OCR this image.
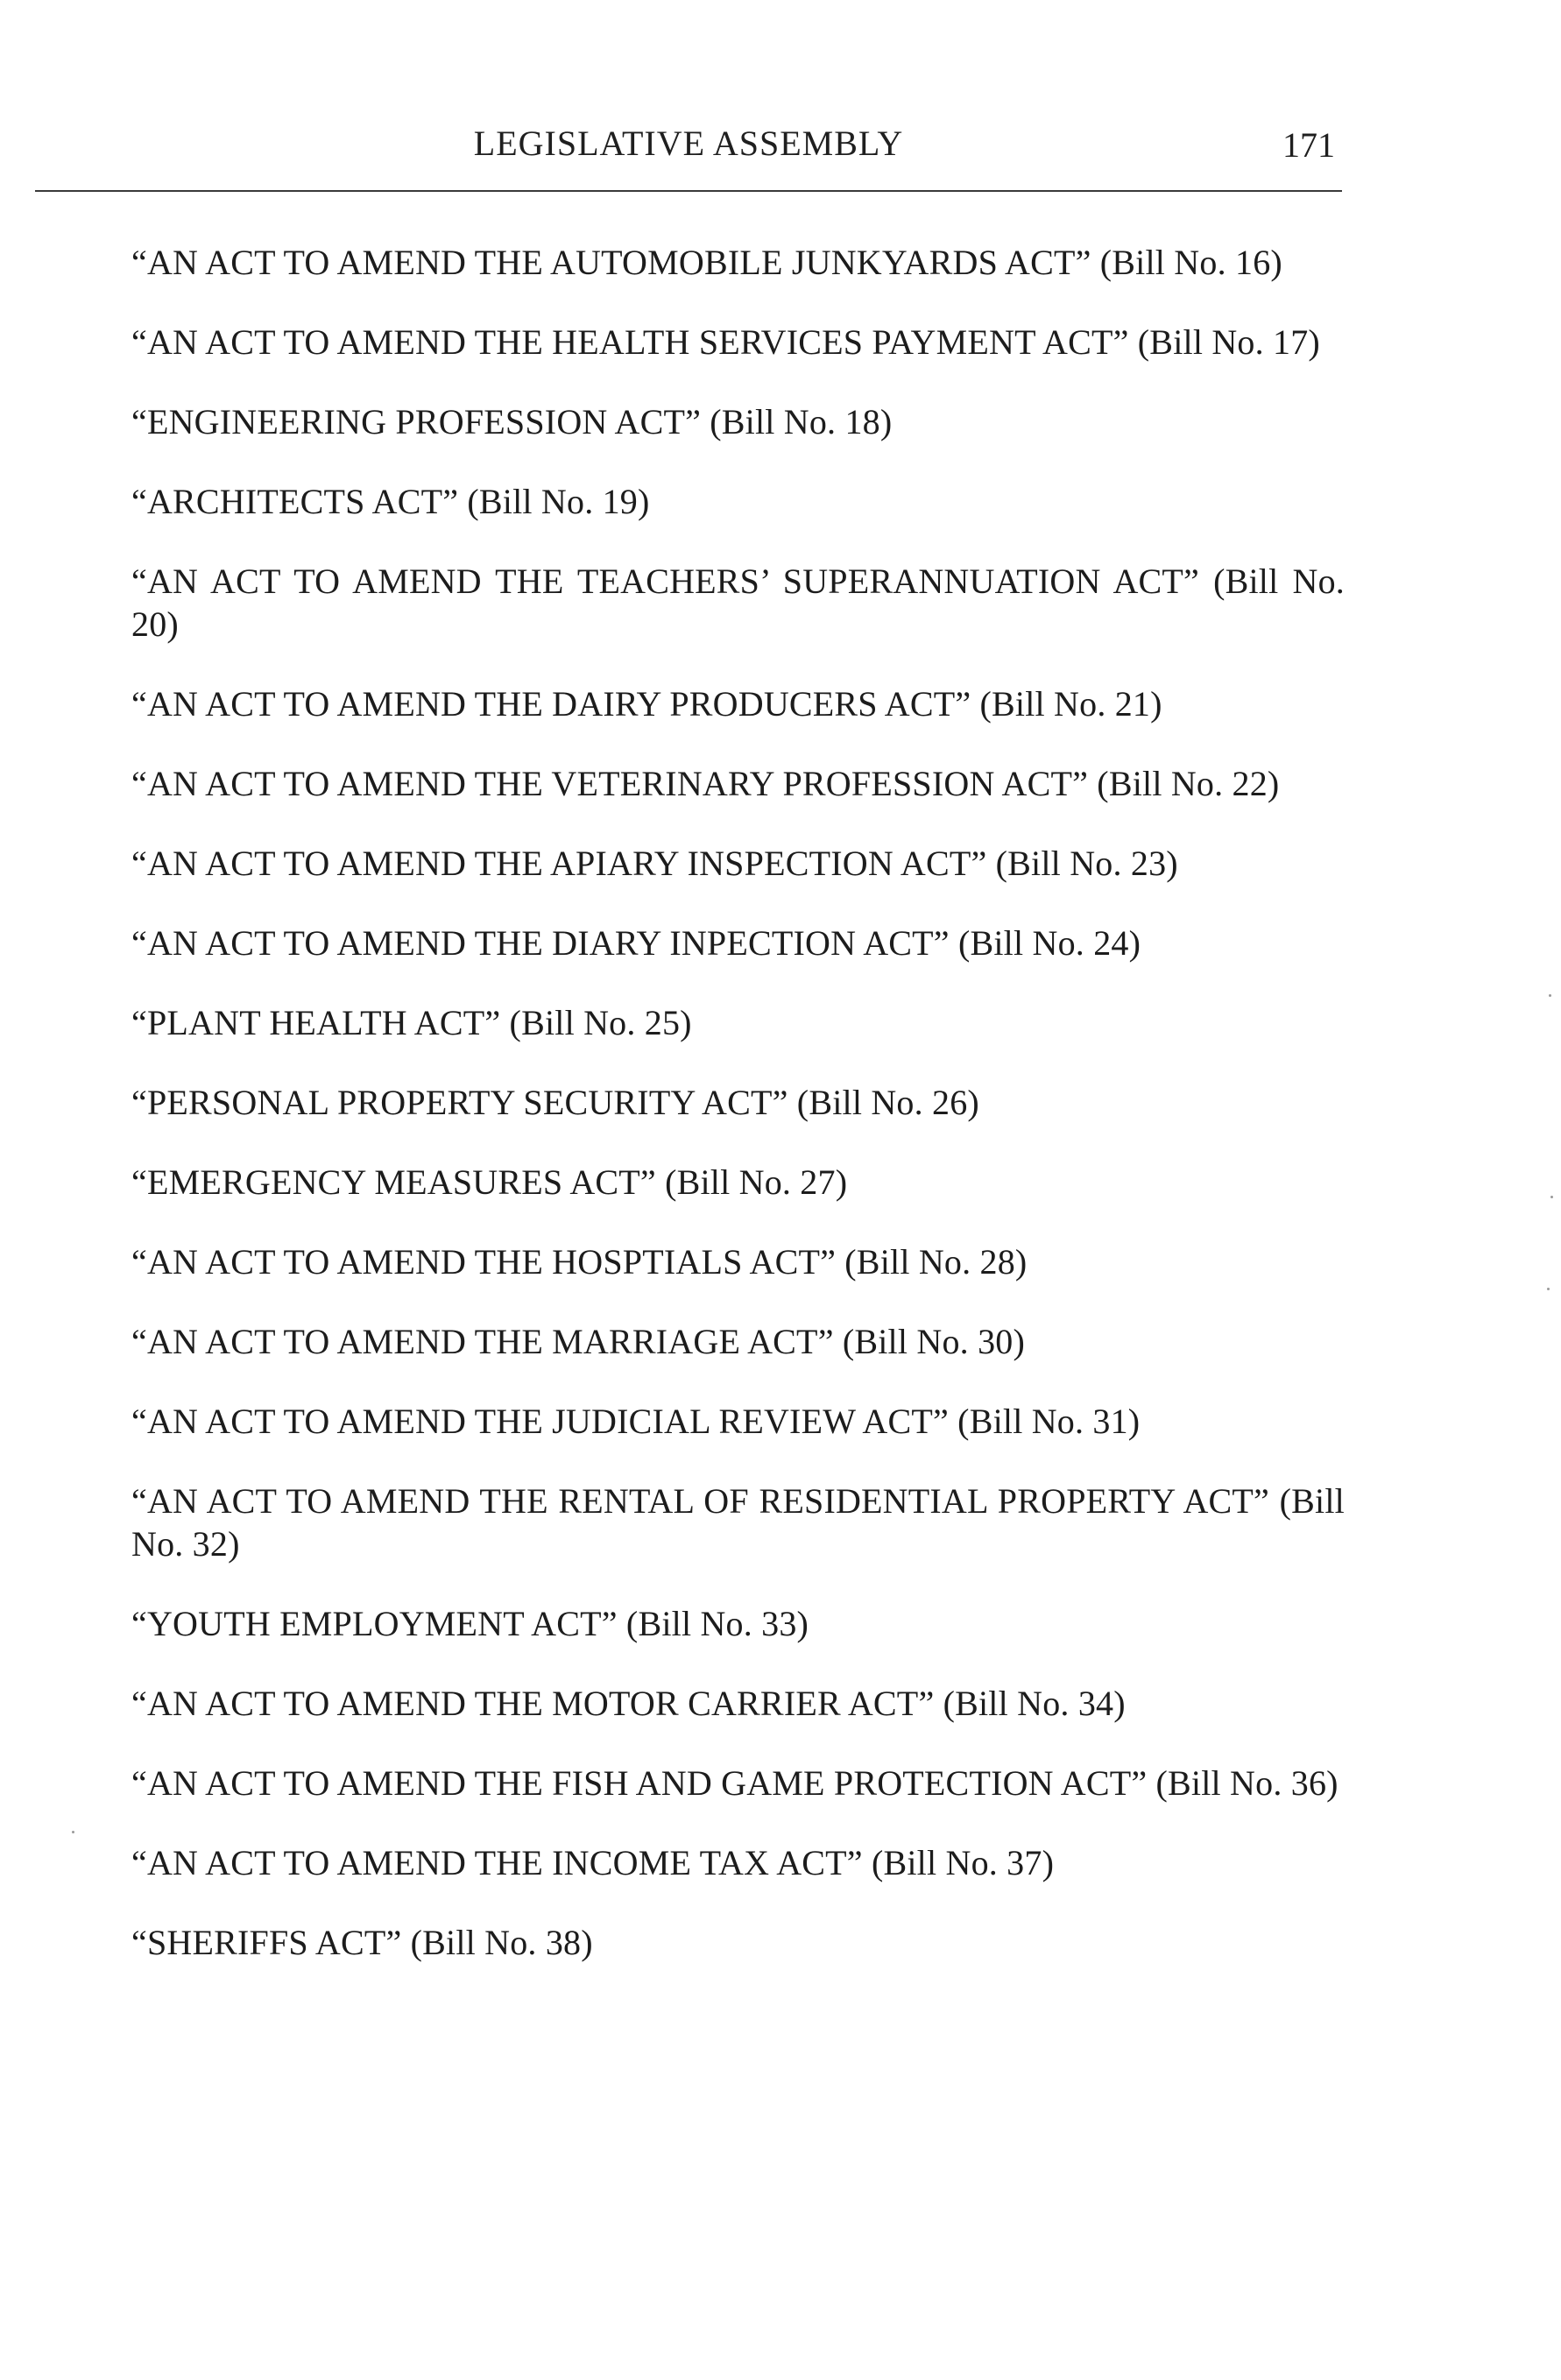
LEGISLATIVE ASSEMBLY	171
“AN ACT TO AMEND THE AUTOMOBILE JUNKYARDS ACT” (Bill No. 16)
“AN ACT TO AMEND THE HEALTH SERVICES PAYMENT ACT” (Bill No. 17)
“ENGINEERING PROFESSION ACT” (Bill No. 18)
“ARCHITECTS ACT” (Bill No. 19)
“AN ACT TO AMEND THE TEACHERS’ SUPERANNUATION ACT” (Bill No. 20)
“AN ACT TO AMEND THE DAIRY PRODUCERS ACT” (Bill No. 21)
“AN ACT TO AMEND THE VETERINARY PROFESSION ACT” (Bill No. 22)
“AN ACT TO AMEND THE APIARY INSPECTION ACT” (Bill No. 23)
“AN ACT TO AMEND THE DIARY INPECTION ACT” (Bill No. 24)
“PLANT HEALTH ACT” (Bill No. 25)
“PERSONAL PROPERTY SECURITY ACT” (Bill No. 26)
“EMERGENCY MEASURES ACT” (Bill No. 27)
“AN ACT TO AMEND THE HOSPTIALS ACT” (Bill No. 28)
“AN ACT TO AMEND THE MARRIAGE ACT” (Bill No. 30)
“AN ACT TO AMEND THE JUDICIAL REVIEW ACT” (Bill No. 31)
“AN ACT TO AMEND THE RENTAL OF RESIDENTIAL PROPERTY ACT” (Bill No. 32)
“YOUTH EMPLOYMENT ACT” (Bill No. 33)
“AN ACT TO AMEND THE MOTOR CARRIER ACT” (Bill No. 34)
“AN ACT TO AMEND THE FISH AND GAME PROTECTION ACT” (Bill No. 36)
“AN ACT TO AMEND THE INCOME TAX ACT” (Bill No. 37)
“SHERIFFS ACT” (Bill No. 38)
